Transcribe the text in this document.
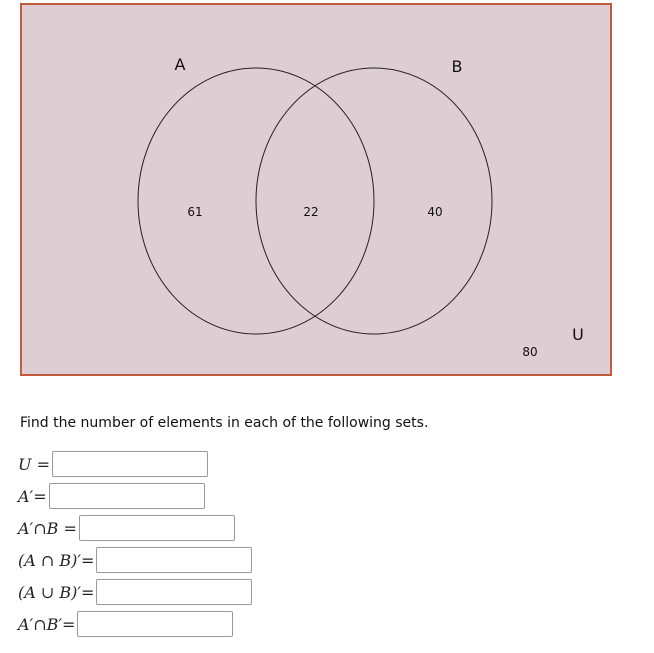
A	B
U
61	22	40
80
Find the number of elements in each of the following sets.
U =
A′=
A′∩B =
(A ∩ B)′=
(A ∪ B)′=
A′∩B′=
